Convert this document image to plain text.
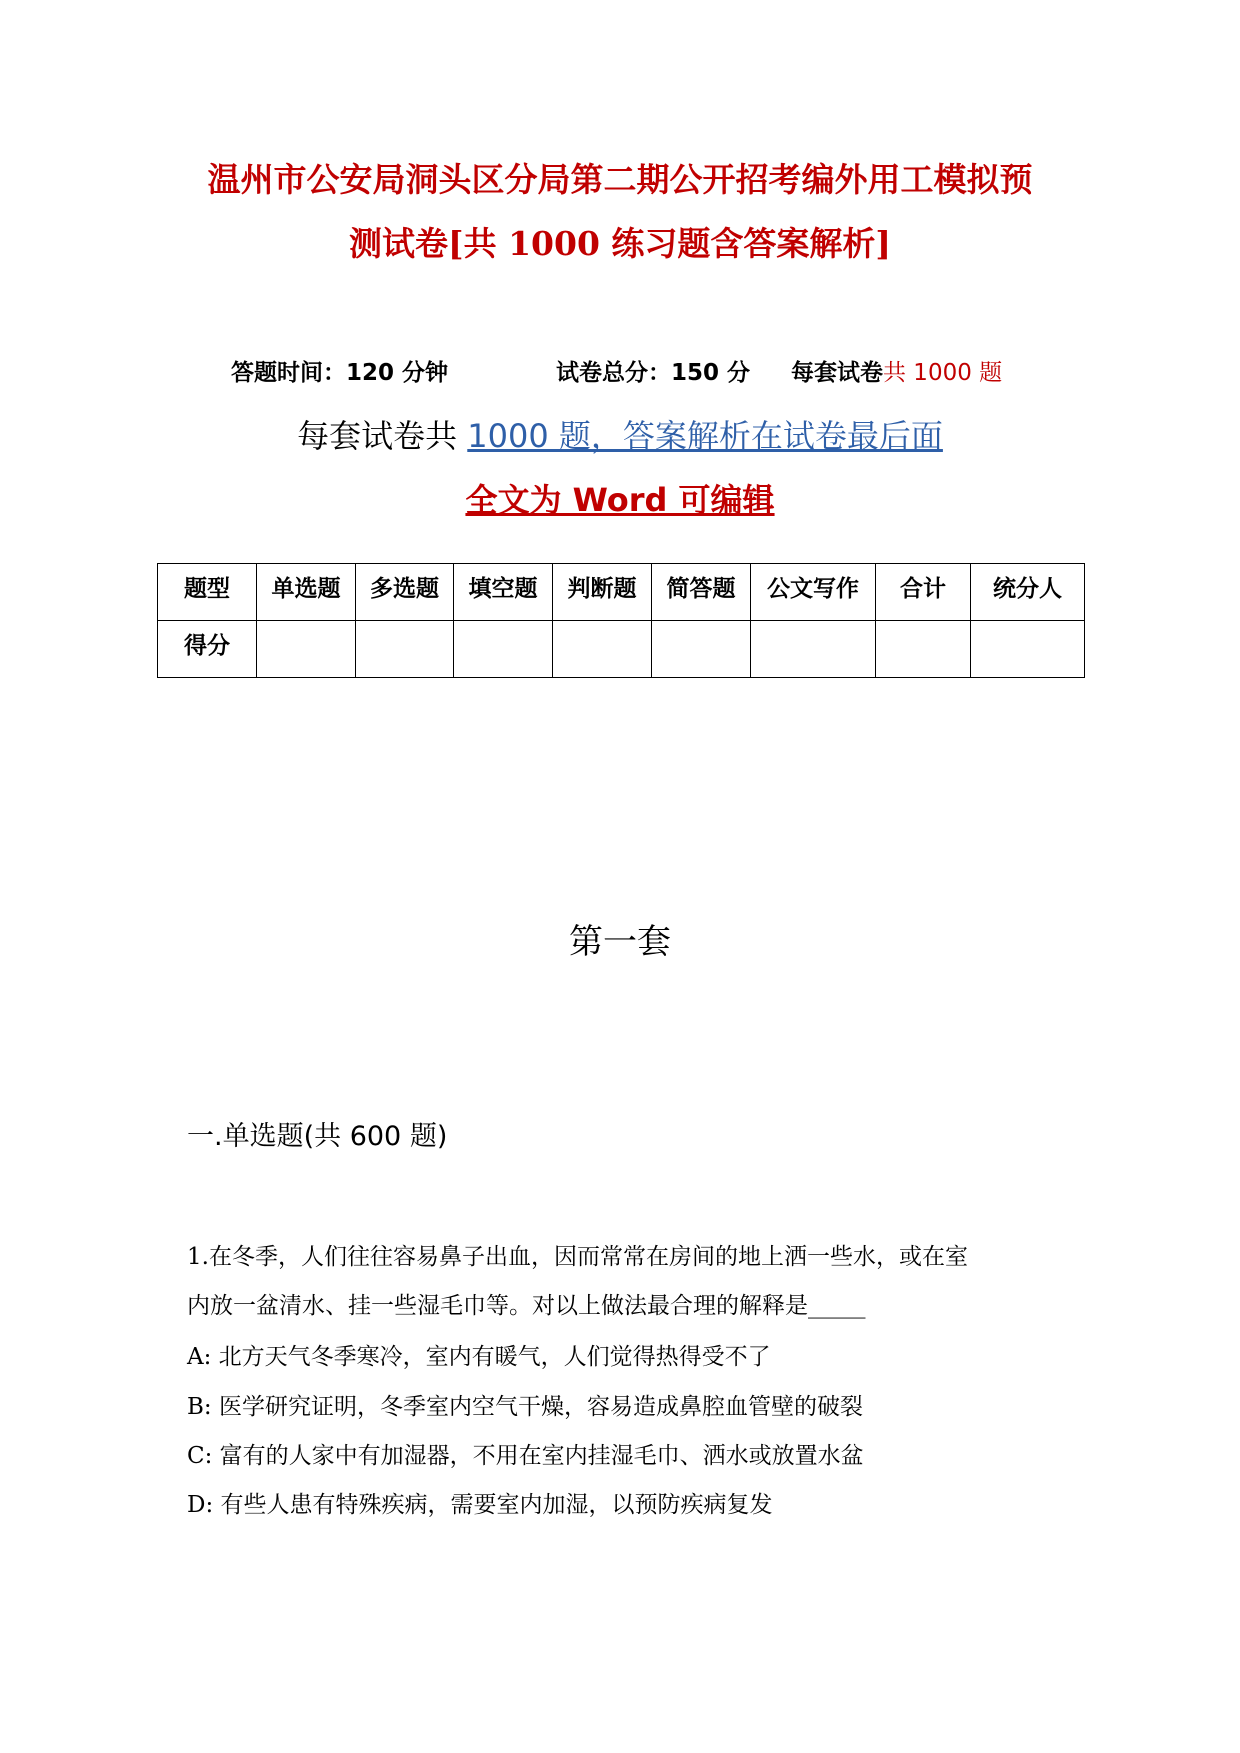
温州市公安局洞头区分局第二期公开招考编外用工模拟预
测试卷[共 1000 练习题含答案解析]
答题时间：120 分钟	试卷总分：150 分 每套试卷共 1000 题
每套试卷共 1000 题，答案解析在试卷最后面
全文为 Word 可编辑
题型	单选题	多选题	填空题	判断题	简答题	公文写作	合计	统分人
得分								
第一套
一.单选题(共 600 题)
1.在冬季，人们往往容易鼻子出血，因而常常在房间的地上洒一些水，或在室
内放一盆清水、挂一些湿毛巾等。对以上做法最合理的解释是_____
A: 北方天气冬季寒冷，室内有暖气，人们觉得热得受不了
B: 医学研究证明，冬季室内空气干燥，容易造成鼻腔血管壁的破裂
C: 富有的人家中有加湿器，不用在室内挂湿毛巾、洒水或放置水盆
D: 有些人患有特殊疾病，需要室内加湿，以预防疾病复发
